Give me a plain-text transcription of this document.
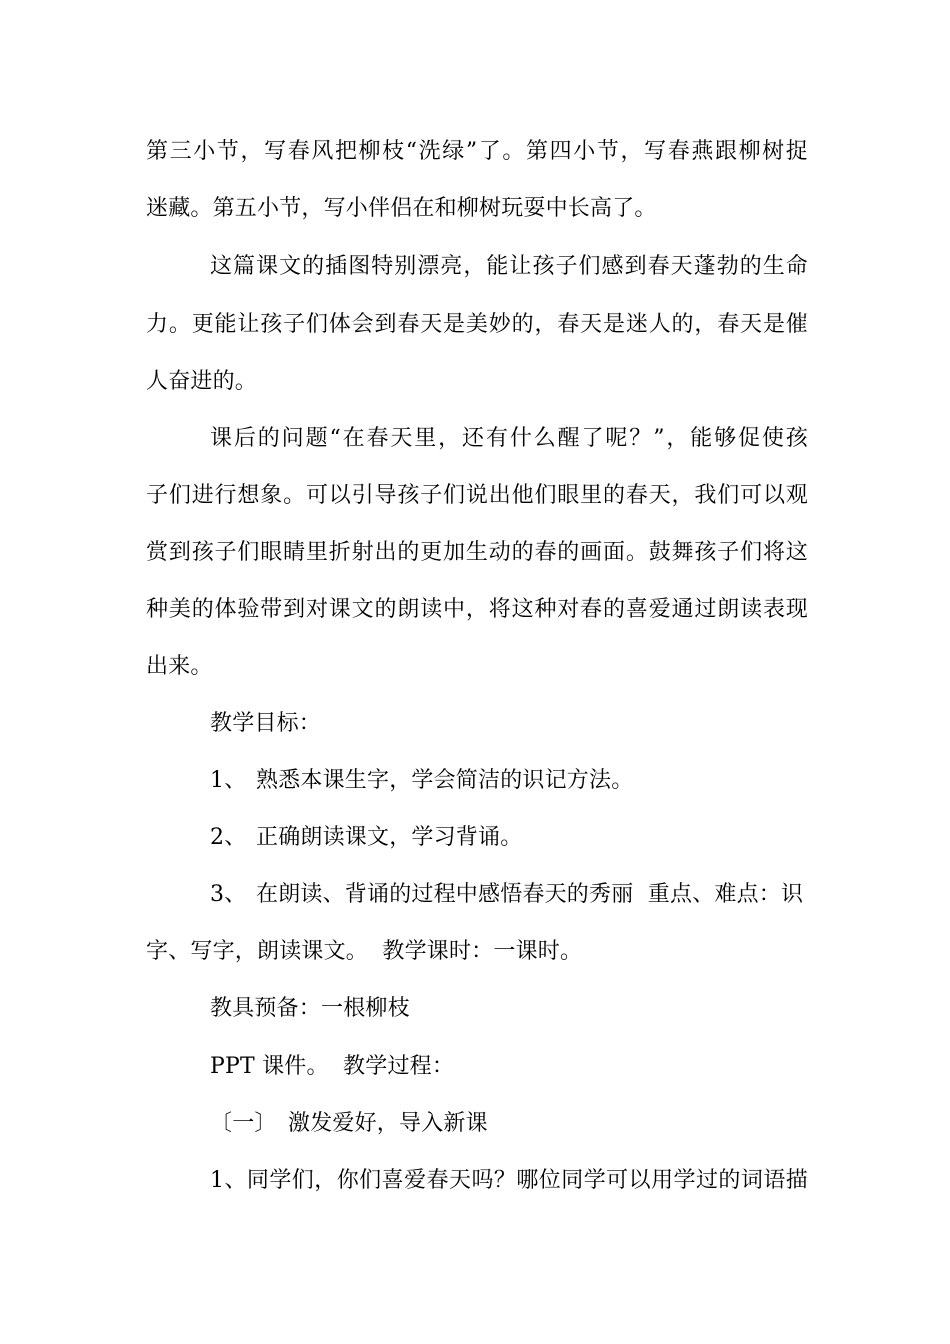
第三小节，写春风把柳枝“洗绿”了。第四小节，写春燕跟柳树捉
迷藏。第五小节，写小伴侣在和柳树玩耍中长高了。
这篇课文的插图特别漂亮，能让孩子们感到春天蓬勃的生命
力。更能让孩子们体会到春天是美妙的，春天是迷人的，春天是催
人奋进的。
课后的问题“在春天里，还有什么醒了呢？”，能够促使孩
子们进行想象。可以引导孩子们说出他们眼里的春天，我们可以观
赏到孩子们眼睛里折射出的更加生动的春的画面。鼓舞孩子们将这
种美的体验带到对课文的朗读中，将这种对春的喜爱通过朗读表现
出来。
教学目标：
1、 熟悉本课生字，学会简洁的识记方法。
2、 正确朗读课文，学习背诵。
3、 在朗读、背诵的过程中感悟春天的秀丽  重点、难点：识
字、写字，朗读课文。  教学课时：一课时。
教具预备：一根柳枝
PPT 课件。  教学过程：
〔一〕 激发爱好，导入新课
1、同学们，你们喜爱春天吗？哪位同学可以用学过的词语描
